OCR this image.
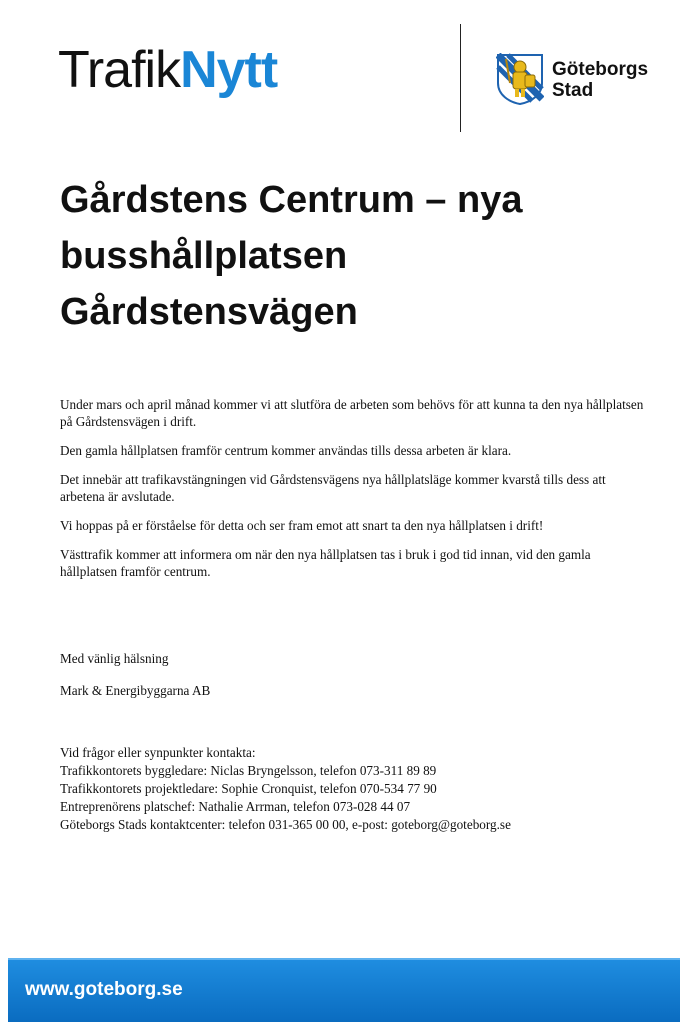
TrafikNytt	Göteborgs
Stad
Gårdstens Centrum – nya
busshållplatsen
Gårdstensvägen

Under mars och april månad kommer vi att slutföra de arbeten som behövs för att kunna ta den nya hållplatsen på Gårdstensvägen i drift.

Den gamla hållplatsen framför centrum kommer användas tills dessa arbeten är klara.

Det innebär att trafikavstängningen vid Gårdstensvägens nya hållplatsläge kommer kvarstå tills dess att arbetena är avslutade.

Vi hoppas på er förståelse för detta och ser fram emot att snart ta den nya hållplatsen i drift!

Västtrafik kommer att informera om när den nya hållplatsen tas i bruk i god tid innan, vid den gamla hållplatsen framför centrum.

Med vänlig hälsning

Mark & Energibyggarna AB

Vid frågor eller synpunkter kontakta:
Trafikkontorets byggledare: Niclas Bryngelsson, telefon 073-311 89 89
Trafikkontorets projektledare: Sophie Cronquist, telefon 070-534 77 90
Entreprenörens platschef: Nathalie Arrman, telefon 073-028 44 07
Göteborgs Stads kontaktcenter: telefon 031-365 00 00, e-post: goteborg@goteborg.se
www.goteborg.se
